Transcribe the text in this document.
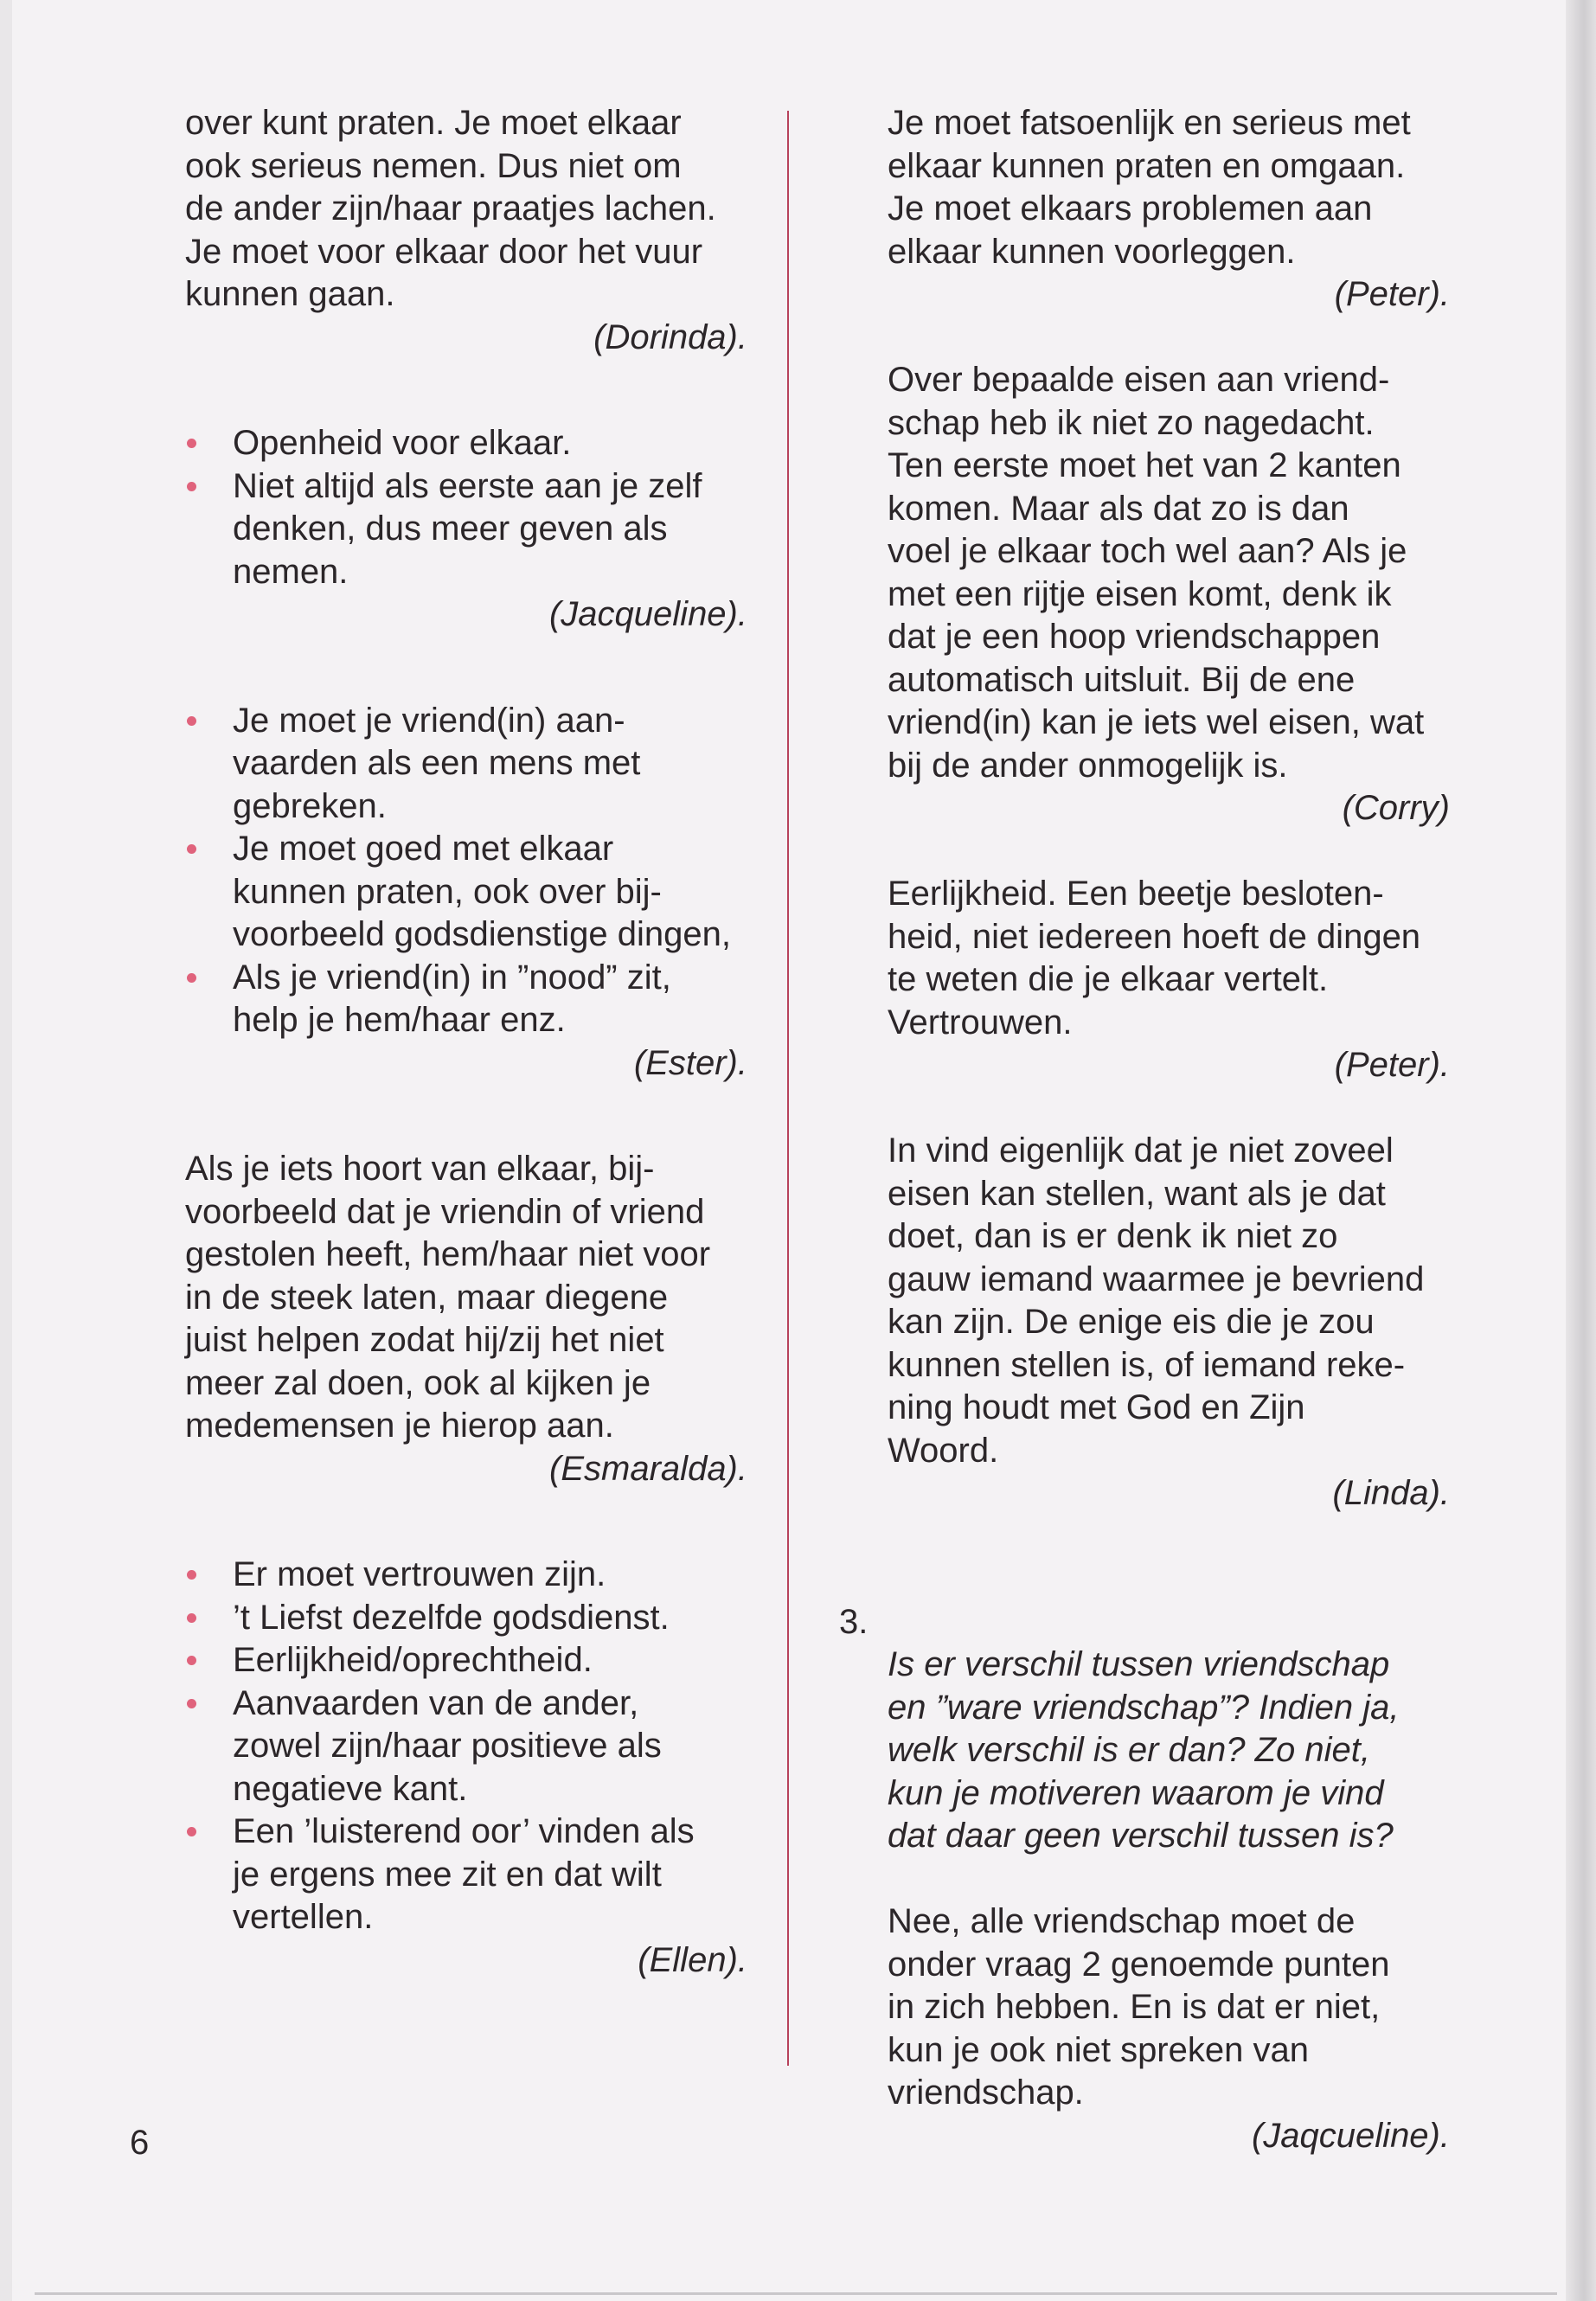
over kunt praten. Je moet elkaar
ook serieus nemen. Dus niet om
de ander zijn/haar praatjes lachen.
Je moet voor elkaar door het vuur
kunnen gaan.

(Dorinda).
Openheid voor elkaar.
Niet altijd als eerste aan je zelf
denken, dus meer geven als
nemen.
(Jacqueline).
Je moet je vriend(in) aan-
vaarden als een mens met
gebreken.
Je moet goed met elkaar
kunnen praten, ook over bij-
voorbeeld godsdienstige dingen,
Als je vriend(in) in ”nood” zit,
help je hem/haar enz.
(Ester).

Als je iets hoort van elkaar, bij-
voorbeeld dat je vriendin of vriend
gestolen heeft, hem/haar niet voor
in de steek laten, maar diegene
juist helpen zodat hij/zij het niet
meer zal doen, ook al kijken je
medemensen je hierop aan.

(Esmaralda).
Er moet vertrouwen zijn.
’t Liefst dezelfde godsdienst.
Eerlijkheid/oprechtheid.
Aanvaarden van de ander,
zowel zijn/haar positieve als
negatieve kant.
Een ’luisterend oor’ vinden als
je ergens mee zit en dat wilt
vertellen.
(Ellen).

Je moet fatsoenlijk en serieus met
elkaar kunnen praten en omgaan.
Je moet elkaars problemen aan
elkaar kunnen voorleggen.

(Peter).

Over bepaalde eisen aan vriend-
schap heb ik niet zo nagedacht.
Ten eerste moet het van 2 kanten
komen. Maar als dat zo is dan
voel je elkaar toch wel aan? Als je
met een rijtje eisen komt, denk ik
dat je een hoop vriendschappen
automatisch uitsluit. Bij de ene
vriend(in) kan je iets wel eisen, wat
bij de ander onmogelijk is.

(Corry)

Eerlijkheid. Een beetje besloten-
heid, niet iedereen hoeft de dingen
te weten die je elkaar vertelt.
Vertrouwen.

(Peter).

In vind eigenlijk dat je niet zoveel
eisen kan stellen, want als je dat
doet, dan is er denk ik niet zo
gauw iemand waarmee je bevriend
kan zijn. De enige eis die je zou
kunnen stellen is, of iemand reke-
ning houdt met God en Zijn
Woord.

(Linda).

3.

Is er verschil tussen vriendschap
en ”ware vriendschap”? Indien ja,
welk verschil is er dan? Zo niet,
kun je motiveren waarom je vind
dat daar geen verschil tussen is?

Nee, alle vriendschap moet de
onder vraag 2 genoemde punten
in zich hebben. En is dat er niet,
kun je ook niet spreken van
vriendschap.

(Jaqcueline).
6
